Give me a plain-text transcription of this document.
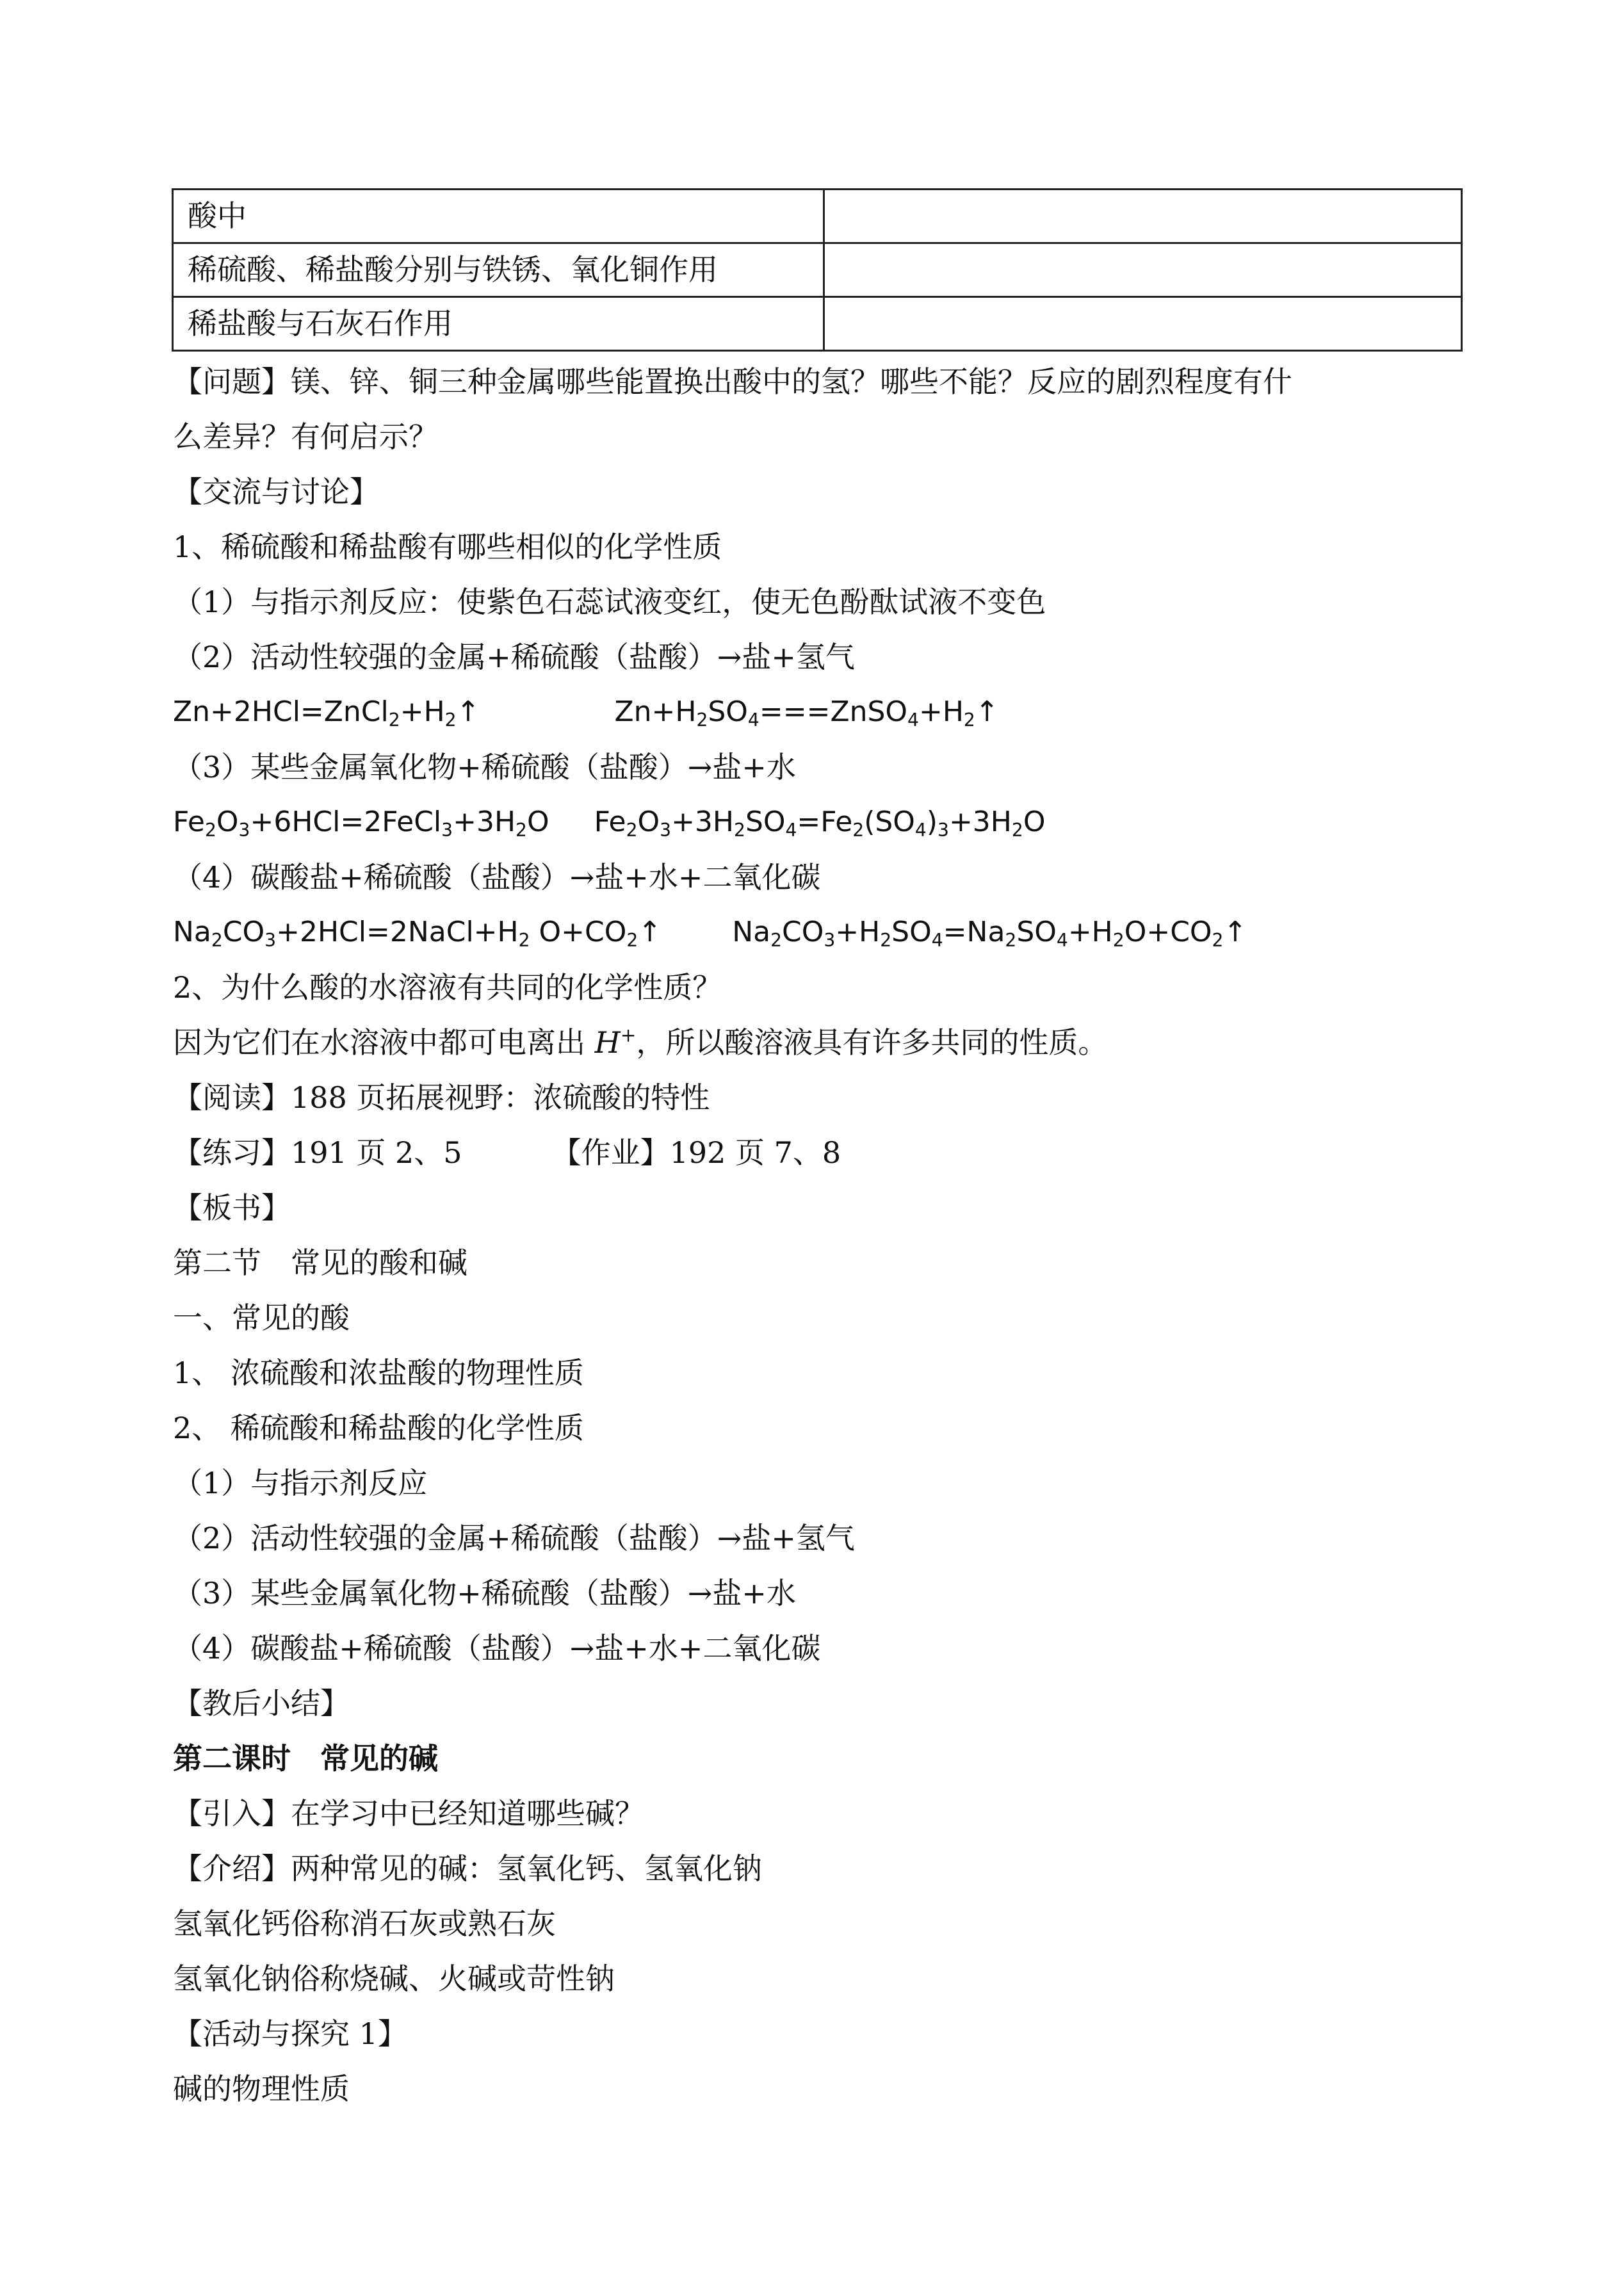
酸中	
稀硫酸、稀盐酸分别与铁锈、氧化铜作用	
稀盐酸与石灰石作用	
【问题】镁、锌、铜三种金属哪些能置换出酸中的氢？哪些不能？反应的剧烈程度有什
么差异？有何启示？
【交流与讨论】
1、稀硫酸和稀盐酸有哪些相似的化学性质
（1）与指示剂反应：使紫色石蕊试液变红，使无色酚酞试液不变色
（2）活动性较强的金属+稀硫酸（盐酸）→盐+氢气
$Zn+2HCl=ZnCl_2+H_2↑$	$Zn+H_2SO_4===ZnSO_4+H_2↑$
（3）某些金属氧化物+稀硫酸（盐酸）→盐+水
$Fe_2O_3+6HCl=2FeCl_3+3H_2O$ $Fe_2O_3+3H_2SO_4=Fe_2(SO_4)_3+3H_2O$
（4）碳酸盐+稀硫酸（盐酸）→盐+水+二氧化碳
$Na_2CO_3+2HCl=2NaCl+H_2$ $O+CO_2↑$	$Na_2CO_3+H_2SO_4=Na_2SO_4+H_2O+CO_2↑$
2、为什么酸的水溶液有共同的化学性质？
因为它们在水溶液中都可电离出 H+，所以酸溶液具有许多共同的性质。
【阅读】188 页拓展视野：浓硫酸的特性
【练习】191 页 2、5	【作业】192 页 7、8
【板书】
第二节　常见的酸和碱
一、常见的酸
1、 浓硫酸和浓盐酸的物理性质
2、 稀硫酸和稀盐酸的化学性质
（1）与指示剂反应
（2）活动性较强的金属+稀硫酸（盐酸）→盐+氢气
（3）某些金属氧化物+稀硫酸（盐酸）→盐+水
（4）碳酸盐+稀硫酸（盐酸）→盐+水+二氧化碳
【教后小结】
第二课时　常见的碱
【引入】在学习中已经知道哪些碱？
【介绍】两种常见的碱：氢氧化钙、氢氧化钠
氢氧化钙俗称消石灰或熟石灰
氢氧化钠俗称烧碱、火碱或苛性钠
【活动与探究 1】
碱的物理性质
